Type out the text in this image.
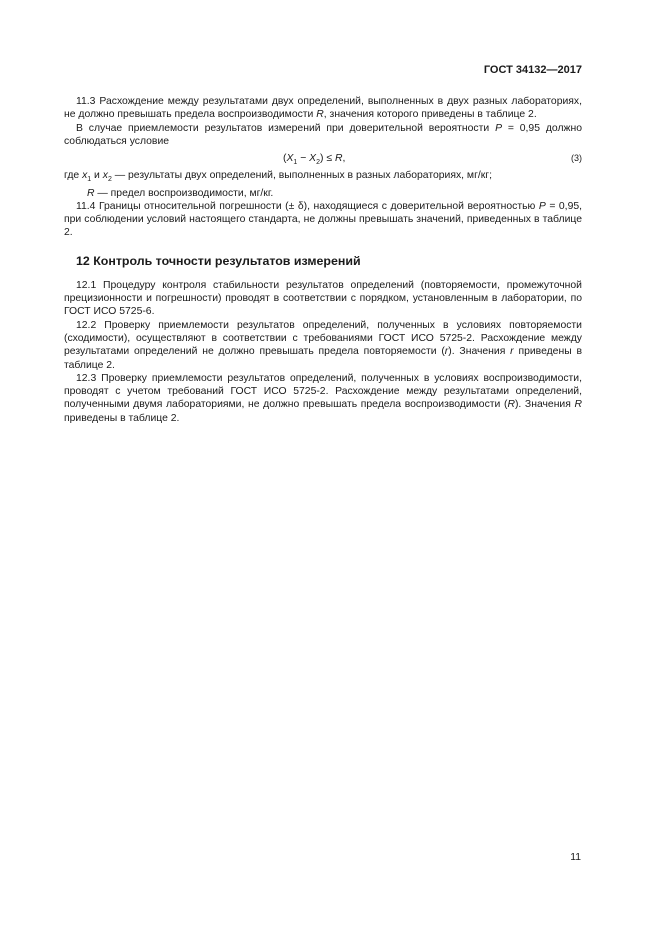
ГОСТ 34132—2017

11.3 Расхождение между результатами двух определений, выполненных в двух разных лабораториях, не должно превышать предела воспроизводимости R, значения которого приведены в таблице 2.

В случае приемлемости результатов измерений при доверительной вероятности P = 0,95 должно соблюдаться условие

$(X_1 - X_2) \le R$,	(3)

где $x_1$ и $x_2$ — результаты двух определений, выполненных в разных лабораториях, мг/кг;

R — предел воспроизводимости, мг/кг.

11.4 Границы относительной погрешности (± δ), находящиеся с доверительной вероятностью P = 0,95, при соблюдении условий настоящего стандарта, не должны превышать значений, приведенных в таблице 2.

12 Контроль точности результатов измерений

12.1 Процедуру контроля стабильности результатов определений (повторяемости, промежуточной прецизионности и погрешности) проводят в соответствии с порядком, установленным в лаборатории, по ГОСТ ИСО 5725-6.

12.2 Проверку приемлемости результатов определений, полученных в условиях повторяемости (сходимости), осуществляют в соответствии с требованиями ГОСТ ИСО 5725-2. Расхождение между результатами определений не должно превышать предела повторяемости (r). Значения r приведены в таблице 2.

12.3 Проверку приемлемости результатов определений, полученных в условиях воспроизводимости, проводят с учетом требований ГОСТ ИСО 5725-2. Расхождение между результатами определений, полученными двумя лабораториями, не должно превышать предела воспроизводимости (R). Значения R приведены в таблице 2.

11
